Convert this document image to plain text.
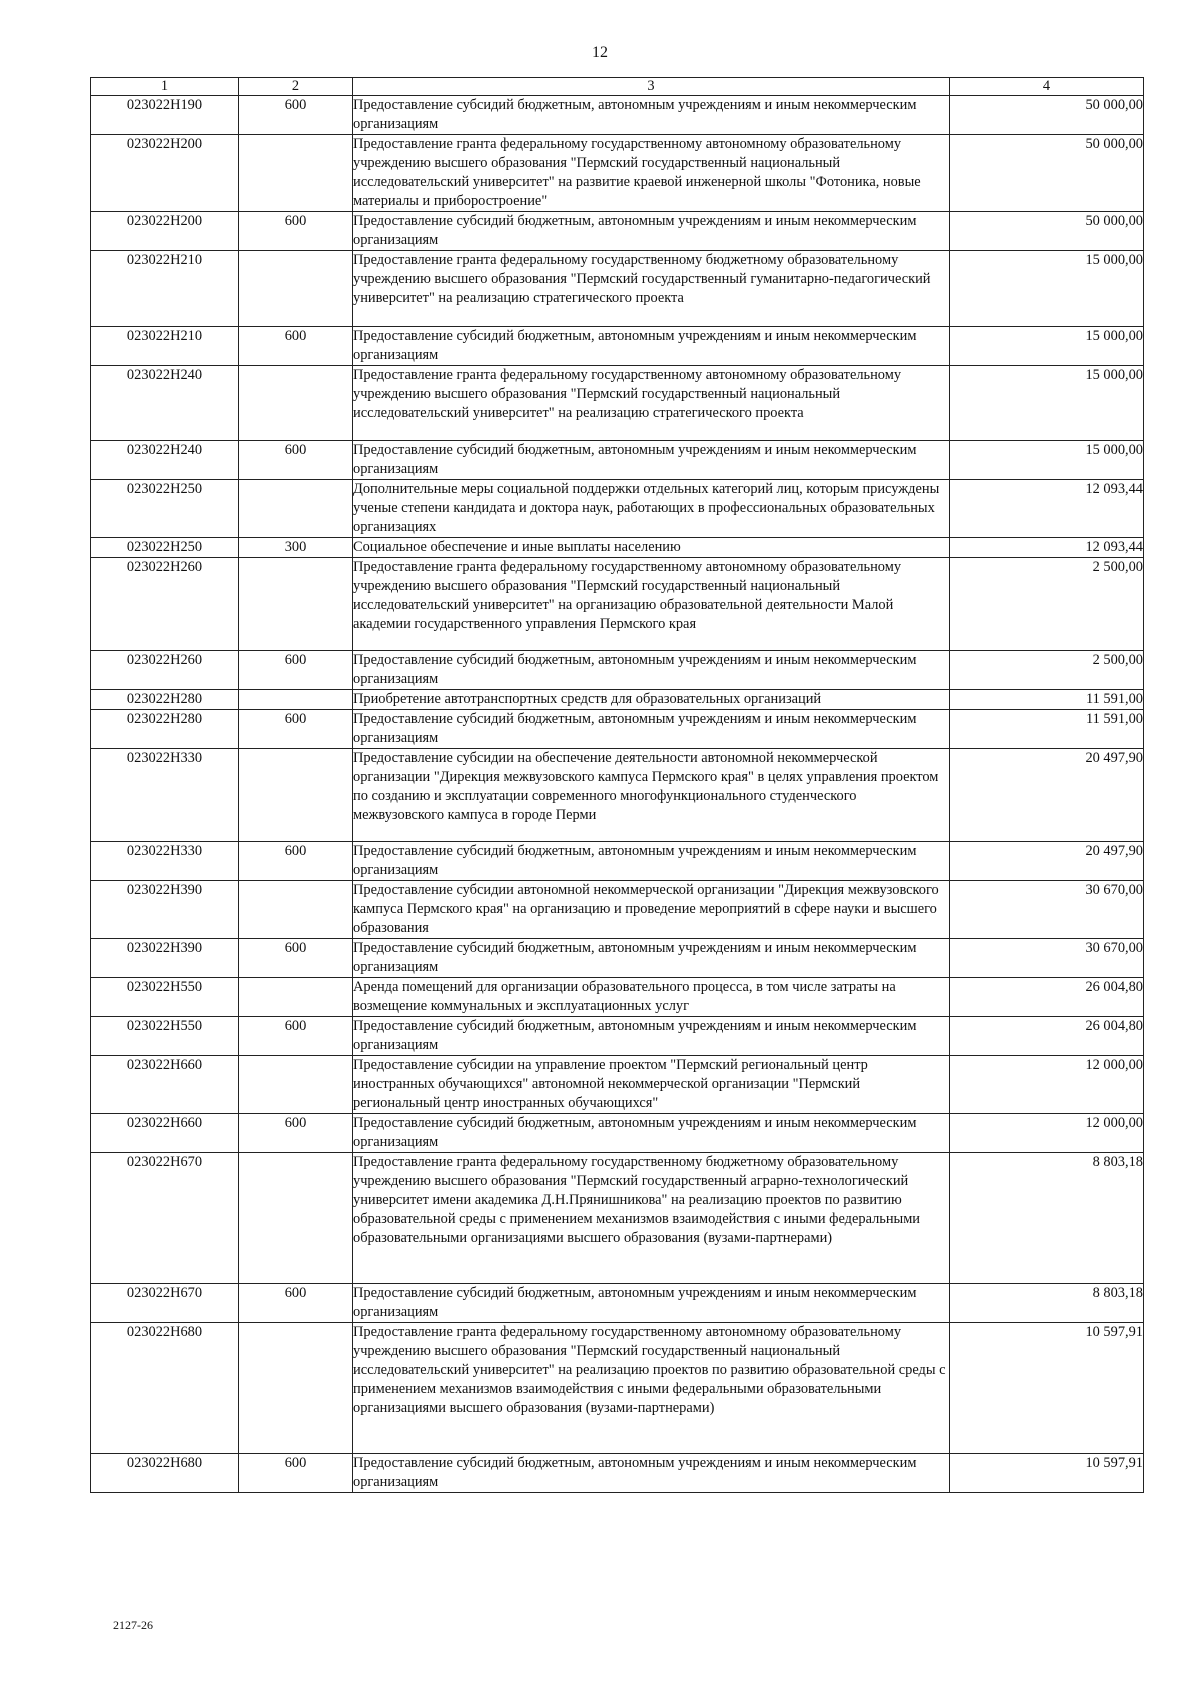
12
1	2	3	4
023022Н190	600	Предоставление субсидий бюджетным, автономным учреждениям и иным некоммерческим организациям	50 000,00
023022Н200		Предоставление гранта федеральному государственному автономному образовательному учреждению высшего образования "Пермский государственный национальный исследовательский университет" на развитие краевой инженерной школы "Фотоника, новые материалы и приборостроение"	50 000,00
023022Н200	600	Предоставление субсидий бюджетным, автономным учреждениям и иным некоммерческим организациям	50 000,00
023022Н210		Предоставление гранта федеральному государственному бюджетному образовательному учреждению высшего образования "Пермский государственный гуманитарно-педагогический университет" на реализацию стратегического проекта	15 000,00
023022Н210	600	Предоставление субсидий бюджетным, автономным учреждениям и иным некоммерческим организациям	15 000,00
023022Н240		Предоставление гранта федеральному государственному автономному образовательному учреждению высшего образования "Пермский государственный национальный исследовательский университет" на реализацию стратегического проекта	15 000,00
023022Н240	600	Предоставление субсидий бюджетным, автономным учреждениям и иным некоммерческим организациям	15 000,00
023022Н250		Дополнительные меры социальной поддержки отдельных категорий лиц, которым присуждены ученые степени кандидата и доктора наук, работающих в профессиональных образовательных организациях	12 093,44
023022Н250	300	Социальное обеспечение и иные выплаты населению	12 093,44
023022Н260		Предоставление гранта федеральному государственному автономному образовательному учреждению высшего образования "Пермский государственный национальный исследовательский университет" на организацию образовательной деятельности Малой академии государственного управления Пермского края	2 500,00
023022Н260	600	Предоставление субсидий бюджетным, автономным учреждениям и иным некоммерческим организациям	2 500,00
023022Н280		Приобретение автотранспортных средств для образовательных организаций	11 591,00
023022Н280	600	Предоставление субсидий бюджетным, автономным учреждениям и иным некоммерческим организациям	11 591,00
023022Н330		Предоставление субсидии на обеспечение деятельности автономной некоммерческой организации "Дирекция межвузовского кампуса Пермского края" в целях управления проектом по созданию и эксплуатации современного многофункционального студенческого межвузовского кампуса в городе Перми	20 497,90
023022Н330	600	Предоставление субсидий бюджетным, автономным учреждениям и иным некоммерческим организациям	20 497,90
023022Н390		Предоставление субсидии автономной некоммерческой организации "Дирекция межвузовского кампуса Пермского края" на организацию и проведение мероприятий в сфере науки и высшего образования	30 670,00
023022Н390	600	Предоставление субсидий бюджетным, автономным учреждениям и иным некоммерческим организациям	30 670,00
023022Н550		Аренда помещений для организации образовательного процесса, в том числе затраты на возмещение коммунальных и эксплуатационных услуг	26 004,80
023022Н550	600	Предоставление субсидий бюджетным, автономным учреждениям и иным некоммерческим организациям	26 004,80
023022Н660		Предоставление субсидии на управление проектом "Пермский региональный центр иностранных обучающихся" автономной некоммерческой организации "Пермский региональный центр иностранных обучающихся"	12 000,00
023022Н660	600	Предоставление субсидий бюджетным, автономным учреждениям и иным некоммерческим организациям	12 000,00
023022Н670		Предоставление гранта федеральному государственному бюджетному образовательному учреждению высшего образования "Пермский государственный аграрно-технологический университет имени академика Д.Н.Прянишникова" на реализацию проектов по развитию образовательной среды с применением механизмов взаимодействия с иными федеральными образовательными организациями высшего образования (вузами-партнерами)	8 803,18
023022Н670	600	Предоставление субсидий бюджетным, автономным учреждениям и иным некоммерческим организациям	8 803,18
023022Н680		Предоставление гранта федеральному государственному автономному образовательному учреждению высшего образования "Пермский государственный национальный исследовательский университет" на реализацию проектов по развитию образовательной среды с применением механизмов взаимодействия с иными федеральными образовательными организациями высшего образования (вузами-партнерами)	10 597,91
023022Н680	600	Предоставление субсидий бюджетным, автономным учреждениям и иным некоммерческим организациям	10 597,91
2127-26
